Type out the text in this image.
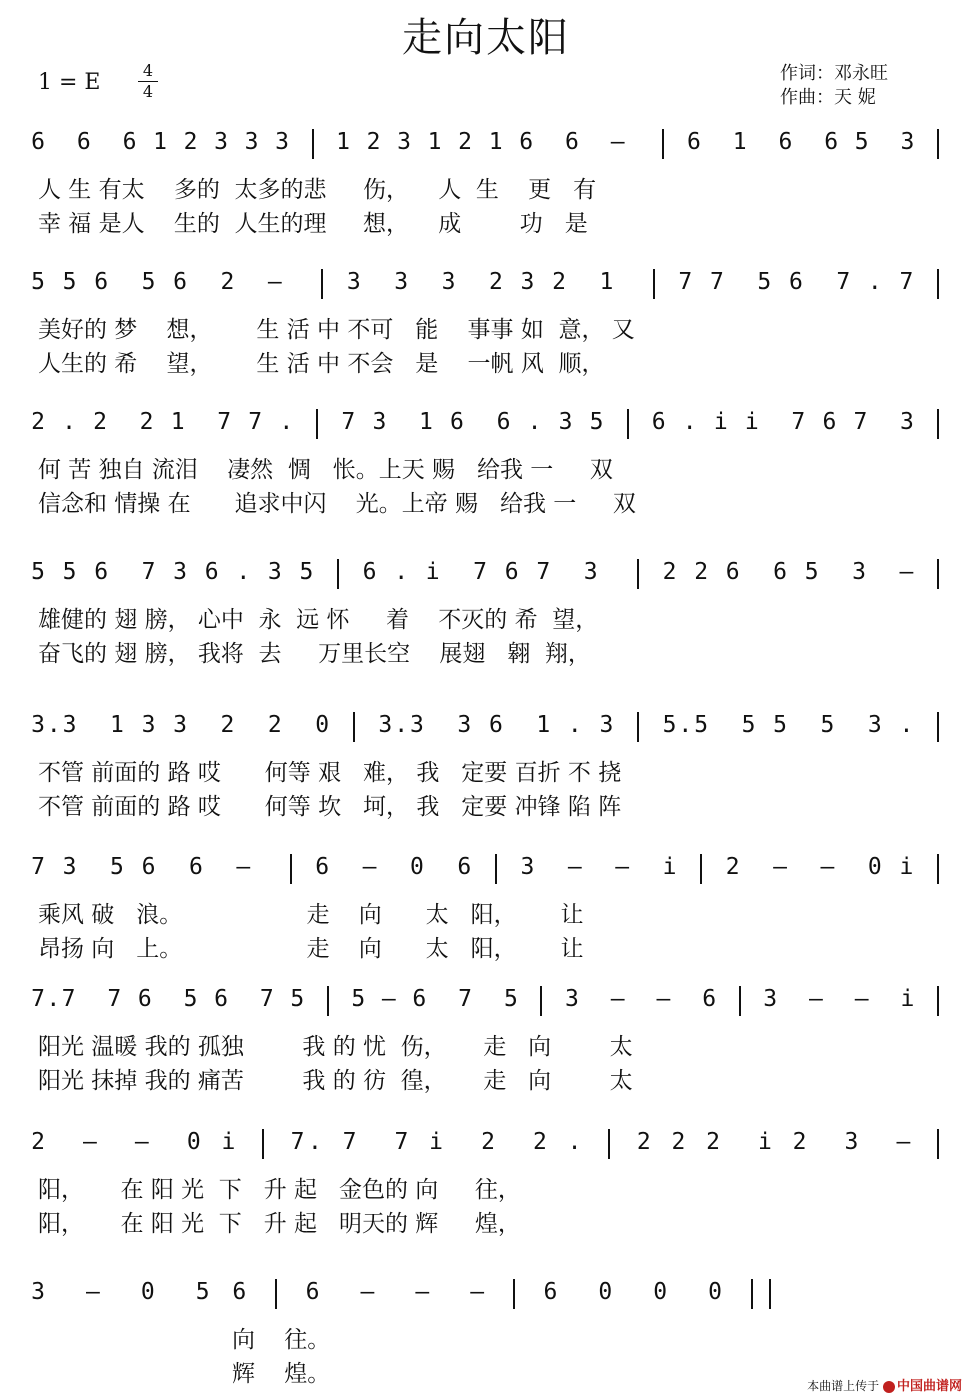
走向太阳
1 = E	4
4
作词：邓永旺
作曲：天 妮
6 6 6 1 2 3 3 3 1 2 3 1 2 1 6 6 —	6 1 6 6 5 3
人 生 有太    多的  太多的悲     伤，    人  生    更   有
幸 福 是人    生的  人生的理     想，    成        功   是
5 5 6 5 6 2 —	3 3 3 2 3 2 1	7 7 5 6 7 . 7
美好的 梦    想，      生 活 中 不可   能    事事 如  意， 又
人生的 希    望，      生 活 中 不会   是    一帆 风  顺，
2 . 2 2 1 7 7 . 7 3 1 6 6 . 3 5 6 . i i 7 6 7 3
何 苦 独自 流泪    凄然  惆   怅。上天 赐   给我 一     双
信念和 情操 在      追求中闪    光。上帝 赐   给我 一     双
5 5 6 7 3 6 . 3 5 6 . i 7 6 7 3	2 2 6 6 5 3 —
雄健的 翅 膀， 心中  永  远 怀     着    不灭的 希  望，
奋飞的 翅 膀， 我将  去     万里长空    展翅   翱  翔，
3 . 3 1 3 3 2 2 0 3 . 3 3 6 1 . 3 5 . 5 5 5 5 3 .
不管 前面的 路 哎      何等 艰   难， 我   定要 百折 不 挠
不管 前面的 路 哎      何等 坎   坷， 我   定要 冲锋 陷 阵
7 3 5 6 6 —	6 — 0 6 3 — — i 2 — — 0 i
乘风 破   浪。                 走    向      太   阳，      让
昂扬 向   上。                 走    向      太   阳，      让
7 . 7 7 6 5 6 7 5 5 — 6 7 5 3 — — 6 3 — — i
阳光 温暖 我的 孤独        我 的 忧  伤，     走   向        太
阳光 抹掉 我的 痛苦        我 的 彷  徨，     走   向        太
2 — — 0 i 7 . 7 7 i 2 2 . 2 2 2 i 2 3 —
阳，     在 阳 光  下   升 起   金色的 向     往，
阳，     在 阳 光  下   升 起   明天的 辉     煌，
3 — 0 5 6	6 — — —	6 0 0 0
向    往。
辉    煌。	本曲谱上传于 中国曲谱网
